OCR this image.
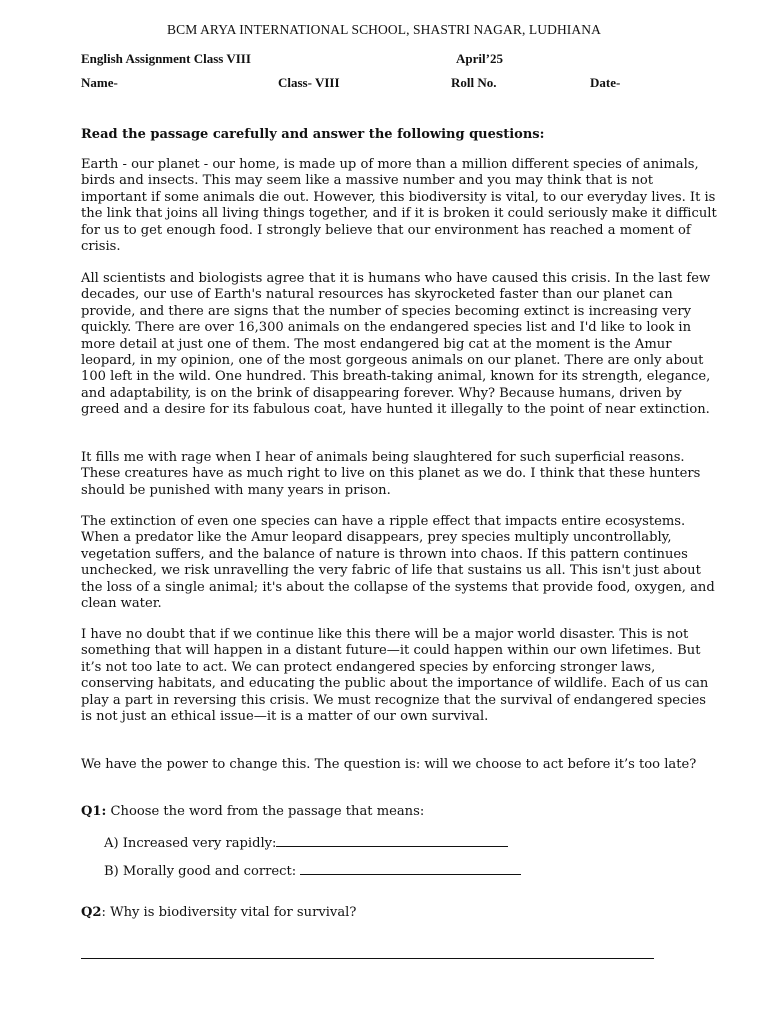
BCM ARYA INTERNATIONAL SCHOOL, SHASTRI NAGAR, LUDHIANA
English Assignment Class VIII	April’25
Name-	Class- VIII	Roll No.	Date-
Read the passage carefully and answer the following questions:

Earth - our planet - our home, is made up of more than a million different species of animals, birds and insects. This may seem like a massive number and you may think that is not important if some animals die out. However, this biodiversity is vital, to our everyday lives. It is the link that joins all living things together, and if it is broken it could seriously make it difficult for us to get enough food. I strongly believe that our environment has reached a moment of crisis.

All scientists and biologists agree that it is humans who have caused this crisis. In the last few decades, our use of Earth's natural resources has skyrocketed faster than our planet can provide, and there are signs that the number of species becoming extinct is increasing very quickly. There are over 16,300 animals on the endangered species list and I'd like to look in more detail at just one of them. The most endangered big cat at the moment is the Amur leopard, in my opinion, one of the most gorgeous animals on our planet. There are only about 100 left in the wild. One hundred. This breath-taking animal, known for its strength, elegance, and adaptability, is on the brink of disappearing forever. Why? Because humans, driven by greed and a desire for its fabulous coat, have hunted it illegally to the point of near extinction.

It fills me with rage when I hear of animals being slaughtered for such superficial reasons. These creatures have as much right to live on this planet as we do. I think that these hunters should be punished with many years in prison.

The extinction of even one species can have a ripple effect that impacts entire ecosystems. When a predator like the Amur leopard disappears, prey species multiply uncontrollably, vegetation suffers, and the balance of nature is thrown into chaos. If this pattern continues unchecked, we risk unravelling the very fabric of life that sustains us all. This isn't just about the loss of a single animal; it's about the collapse of the systems that provide food, oxygen, and clean water.

I have no doubt that if we continue like this there will be a major world disaster. This is not something that will happen in a distant future—it could happen within our own lifetimes. But it’s not too late to act. We can protect endangered species by enforcing stronger laws, conserving habitats, and educating the public about the importance of wildlife. Each of us can play a part in reversing this crisis. We must recognize that the survival of endangered species is not just an ethical issue—it is a matter of our own survival.

We have the power to change this. The question is: will we choose to act before it’s too late?

Q1: Choose the word from the passage that means:
A) Increased very rapidly:
B) Morally good and correct:
Q2: Why is biodiversity vital for survival?
